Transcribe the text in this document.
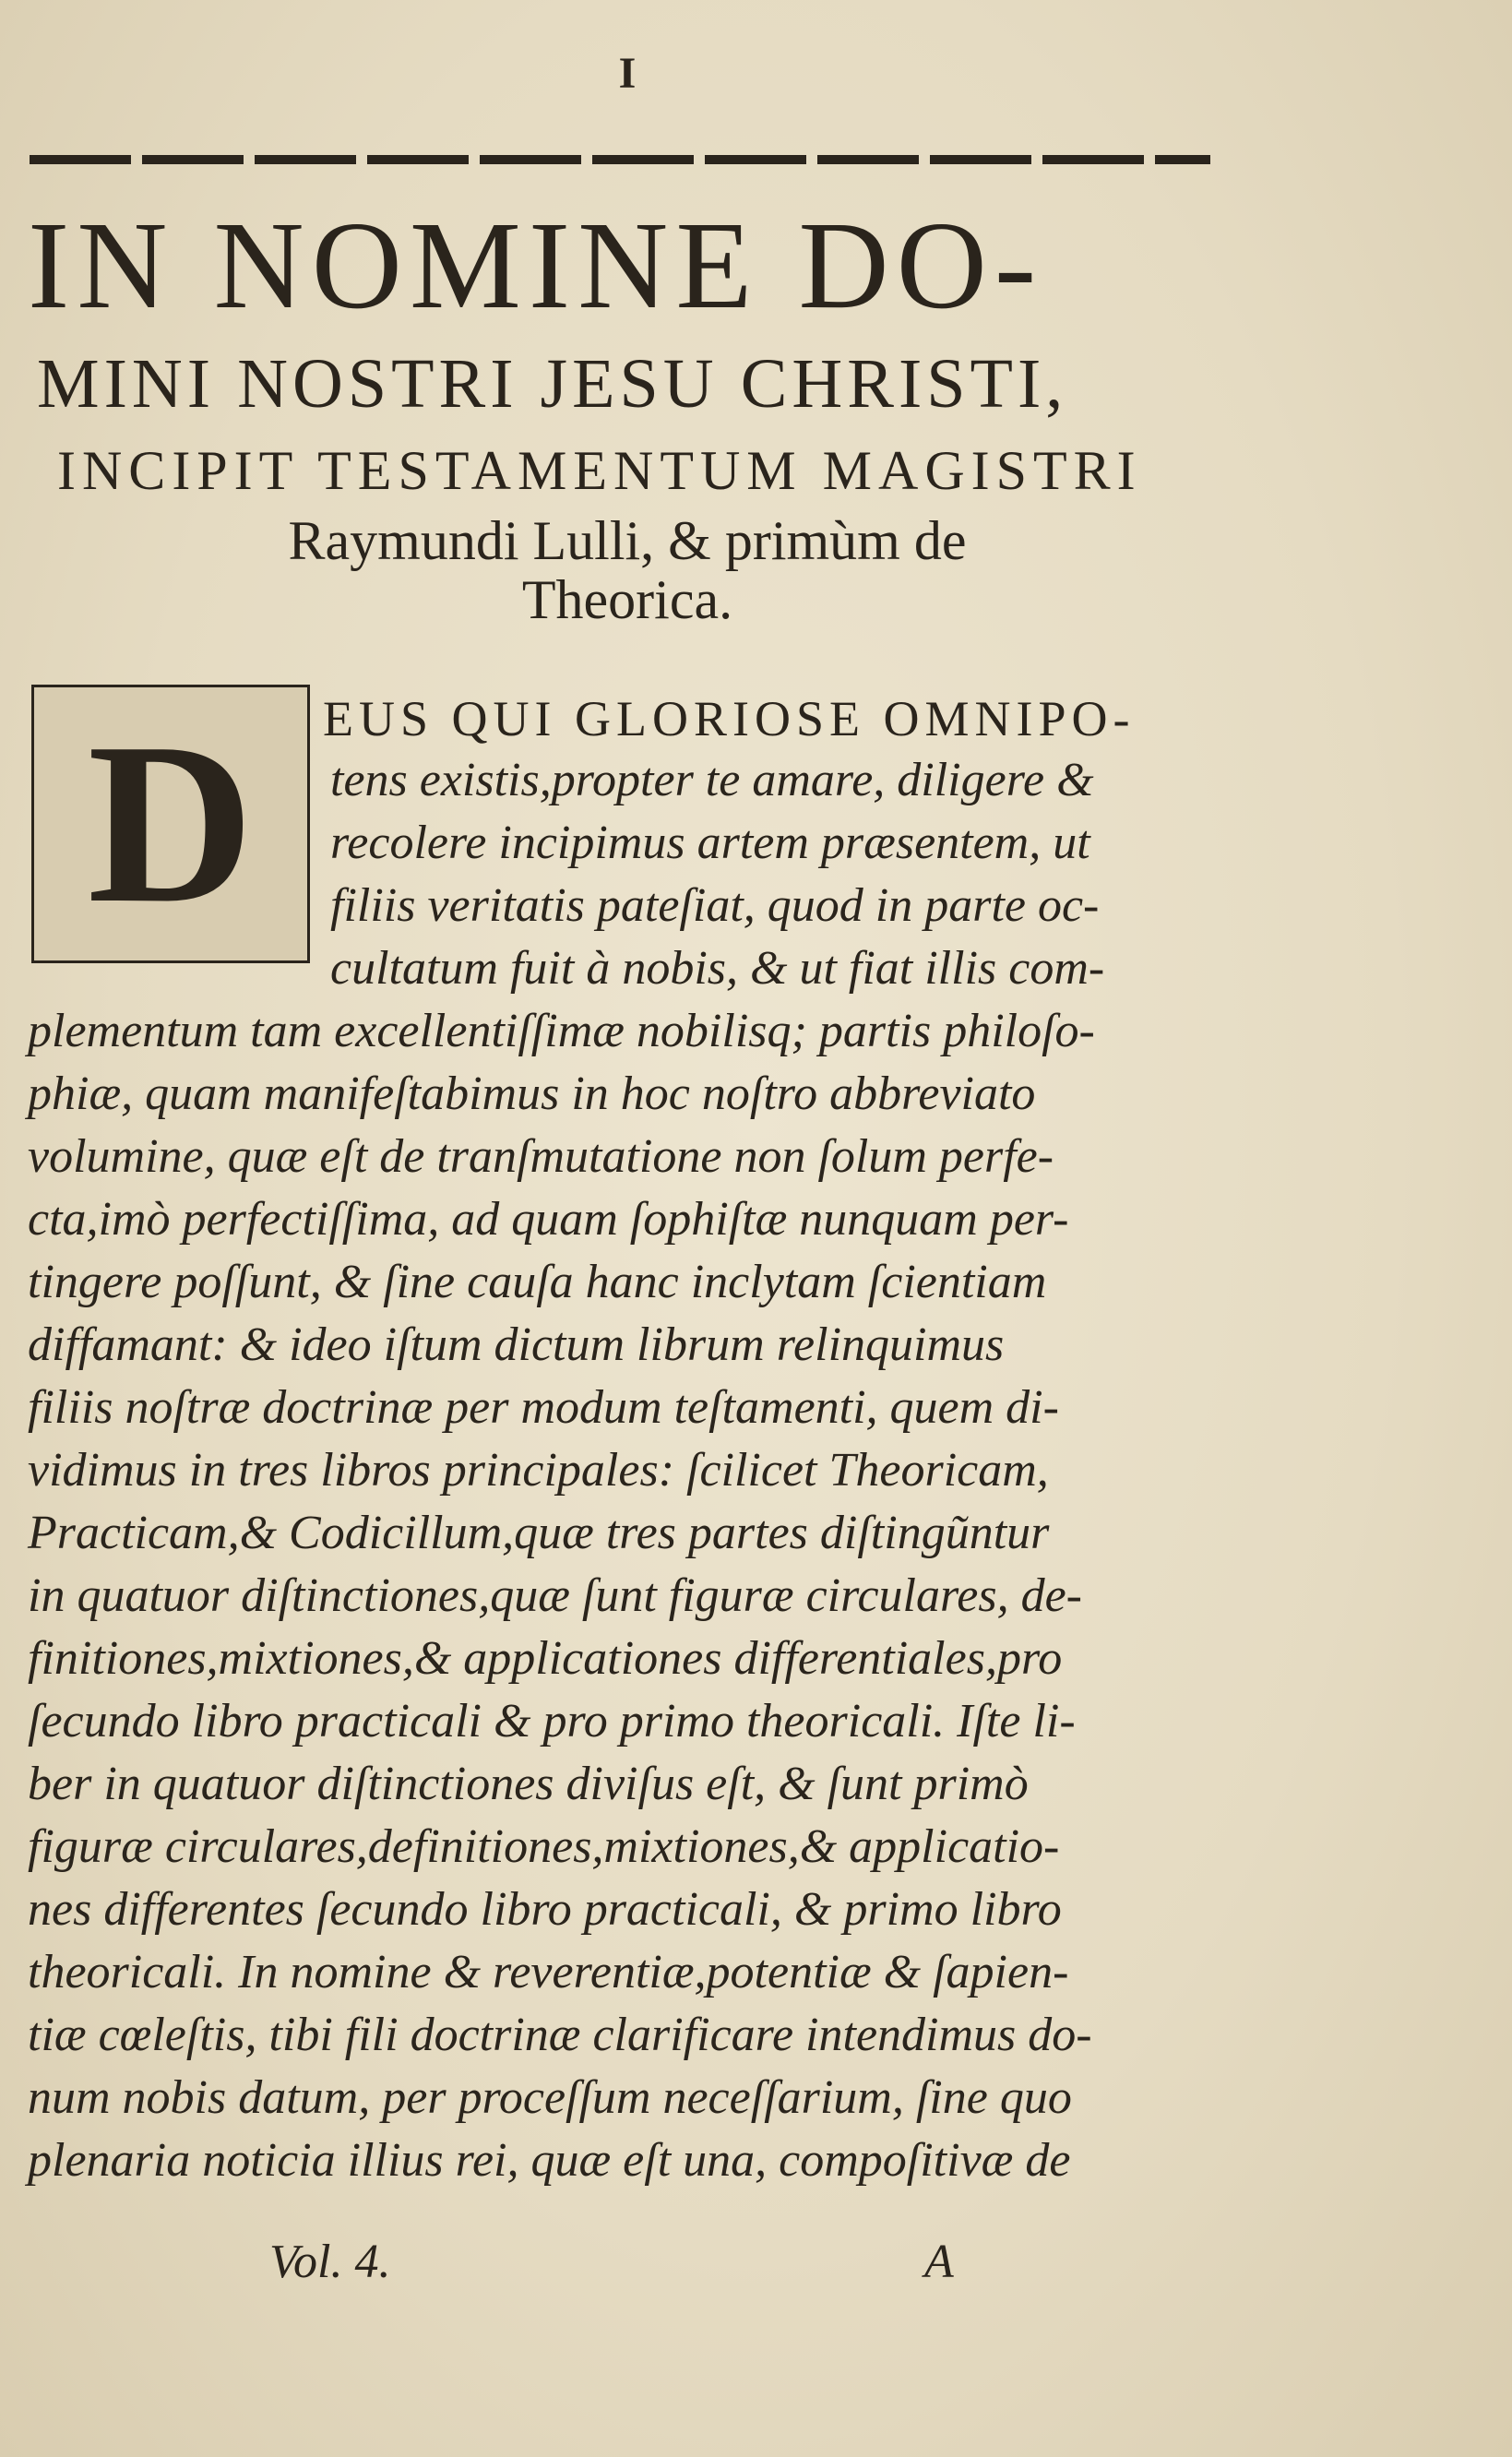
I
IN NOMINE DO-
MINI NOSTRI JESU CHRISTI,
INCIPIT TESTAMENTUM MAGISTRI
Raymundi Lulli, & primùm de
Theorica.
D EUS QUI GLORIOSE OMNIPO-
tens existis,propter te amare, diligere &
recolere incipimus artem præsentem, ut
filiis veritatis pateſiat, quod in parte oc-
cultatum fuit à nobis, & ut fiat illis com-
plementum tam excellentiſſimæ nobilisq; partis philoſo-
phiæ, quam manifeſtabimus in hoc noſtro abbreviato
volumine, quæ eſt de tranſmutatione non ſolum perfe-
cta,imò perfectiſſima, ad quam ſophiſtæ nunquam per-
tingere poſſunt, & ſine cauſa hanc inclytam ſcientiam
diffamant: & ideo iſtum dictum librum relinquimus
filiis noſtræ doctrinæ per modum teſtamenti, quem di-
vidimus in tres libros principales: ſcilicet Theoricam,
Practicam,& Codicillum,quæ tres partes diſtingũntur
in quatuor diſtinctiones,quæ ſunt figuræ circulares, de-
finitiones,mixtiones,& applicationes differentiales,pro
ſecundo libro practicali & pro primo theoricali. Iſte li-
ber in quatuor diſtinctiones diviſus eſt, & ſunt primò
figuræ circulares,definitiones,mixtiones,& applicatio-
nes differentes ſecundo libro practicali, & primo libro
theoricali. In nomine & reverentiæ,potentiæ & ſapien-
tiæ cœleſtis, tibi fili doctrinæ clarificare intendimus do-
num nobis datum, per proceſſum neceſſarium, ſine quo
plenaria noticia illius rei, quæ eſt una, compoſitivæ de
Vol. 4.	A
